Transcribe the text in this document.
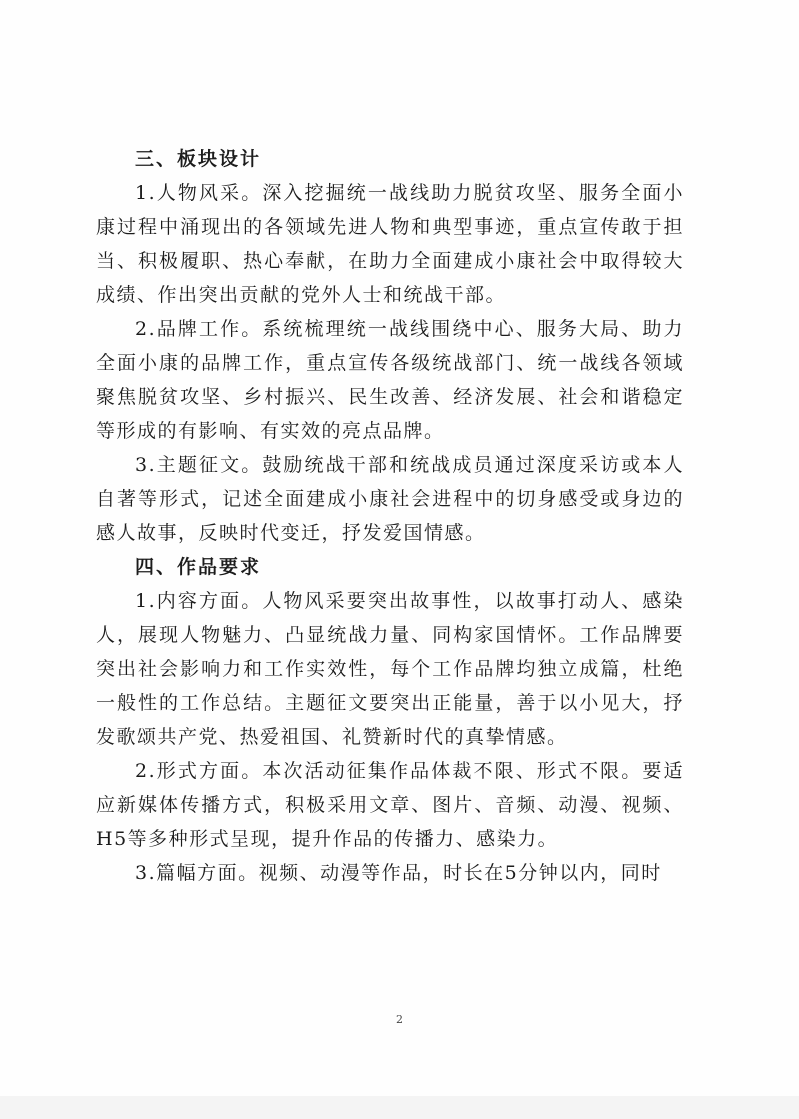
三、板块设计

1.人物风采。深入挖掘统一战线助力脱贫攻坚、服务全面小康过程中涌现出的各领域先进人物和典型事迹，重点宣传敢于担当、积极履职、热心奉献，在助力全面建成小康社会中取得较大成绩、作出突出贡献的党外人士和统战干部。

2.品牌工作。系统梳理统一战线围绕中心、服务大局、助力全面小康的品牌工作，重点宣传各级统战部门、统一战线各领域聚焦脱贫攻坚、乡村振兴、民生改善、经济发展、社会和谐稳定等形成的有影响、有实效的亮点品牌。

3.主题征文。鼓励统战干部和统战成员通过深度采访或本人自著等形式，记述全面建成小康社会进程中的切身感受或身边的感人故事，反映时代变迁，抒发爱国情感。

四、作品要求

1.内容方面。人物风采要突出故事性，以故事打动人、感染人，展现人物魅力、凸显统战力量、同构家国情怀。工作品牌要突出社会影响力和工作实效性，每个工作品牌均独立成篇，杜绝一般性的工作总结。主题征文要突出正能量，善于以小见大，抒发歌颂共产党、热爱祖国、礼赞新时代的真挚情感。

2.形式方面。本次活动征集作品体裁不限、形式不限。要适应新媒体传播方式，积极采用文章、图片、音频、动漫、视频、H5等多种形式呈现，提升作品的传播力、感染力。

3.篇幅方面。视频、动漫等作品，时长在5分钟以内，同时

2
